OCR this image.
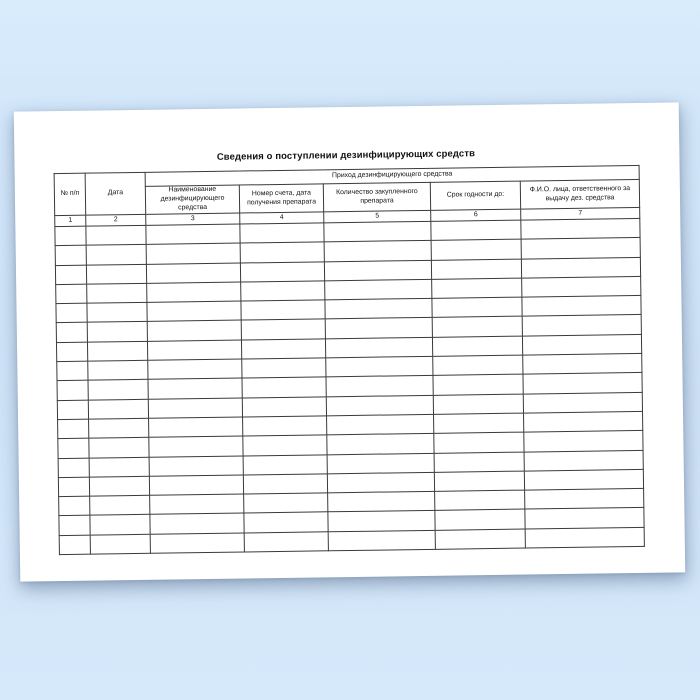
Сведения о поступлении дезинфицирующих средств
№ п/п	Дата	Приход дезинфицирующего средства				
		Наименование дезинфицирующего средства	Номер счета, дата получения препарата	Количество закупленного препарата	Срок годности до:	Ф.И.О. лица, ответственного за выдачу дез. средства
1	2	3	4	5	6	7
